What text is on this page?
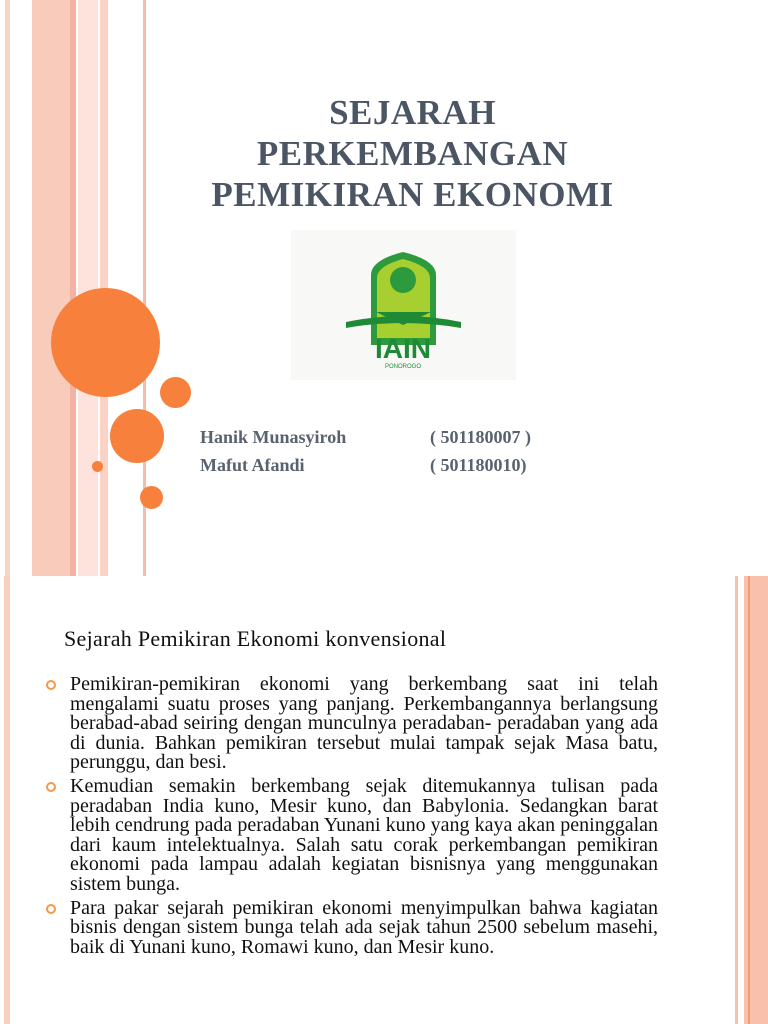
SEJARAH PERKEMBANGAN PEMIKIRAN EKONOMI
IAIN
PONOROGO
Hanik Munasyiroh	( 501180007 )
Mafut Afandi	( 501180010)
Sejarah Pemikiran Ekonomi konvensional
Pemikiran-pemikiran ekonomi yang berkembang saat ini telah mengalami suatu proses yang panjang. Perkembangannya berlangsung berabad-abad seiring dengan munculnya peradaban- peradaban yang ada di dunia. Bahkan pemikiran tersebut mulai tampak sejak Masa batu, perunggu, dan besi.
Kemudian semakin berkembang sejak ditemukannya tulisan pada peradaban India kuno, Mesir kuno, dan Babylonia. Sedangkan barat lebih cendrung pada peradaban Yunani kuno yang kaya akan peninggalan dari kaum intelektualnya. Salah satu corak perkembangan pemikiran ekonomi pada lampau adalah kegiatan bisnisnya yang menggunakan sistem bunga.
Para pakar sejarah pemikiran ekonomi menyimpulkan bahwa kagiatan bisnis dengan sistem bunga telah ada sejak tahun 2500 sebelum masehi, baik di Yunani kuno, Romawi kuno, dan Mesir kuno.
